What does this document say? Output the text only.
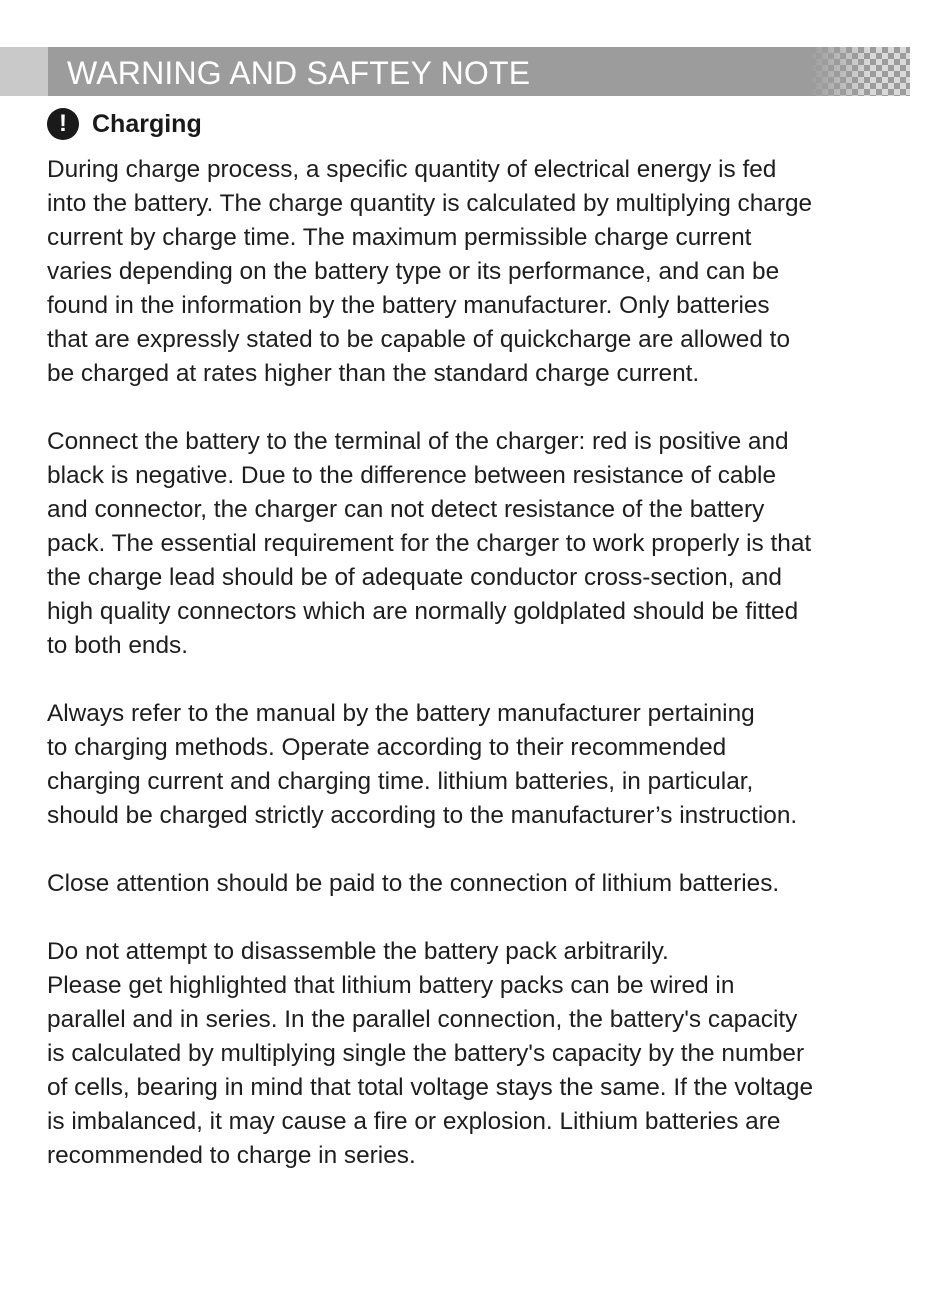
WARNING AND SAFTEY NOTE
!	Charging

During charge process, a specific quantity of electrical energy is fed
into the battery. The charge quantity is calculated by multiplying charge
current by charge time. The maximum permissible charge current
varies depending on the battery type or its performance, and can be
found in the information by the battery manufacturer. Only batteries
that are expressly stated to be capable of quickcharge are allowed to
be charged at rates higher than the standard charge current.

Connect the battery to the terminal of the charger: red is positive and
black is negative. Due to the difference between resistance of cable
and connector, the charger can not detect resistance of the battery
pack. The essential requirement for the charger to work properly is that
the charge lead should be of adequate conductor cross-section, and
high quality connectors which are normally goldplated should be fitted
to both ends.

Always refer to the manual by the battery manufacturer pertaining
to charging methods. Operate according to their recommended
charging current and charging time. lithium batteries, in particular,
should be charged strictly according to the manufacturer’s instruction.

Close attention should be paid to the connection of lithium batteries.

Do not attempt to disassemble the battery pack arbitrarily.
Please get highlighted that lithium battery packs can be wired in
parallel and in series. In the parallel connection, the battery's capacity
is calculated by multiplying single the battery's capacity by the number
of cells, bearing in mind that total voltage stays the same. If the voltage
is imbalanced, it may cause a fire or explosion. Lithium batteries are
recommended to charge in series.
